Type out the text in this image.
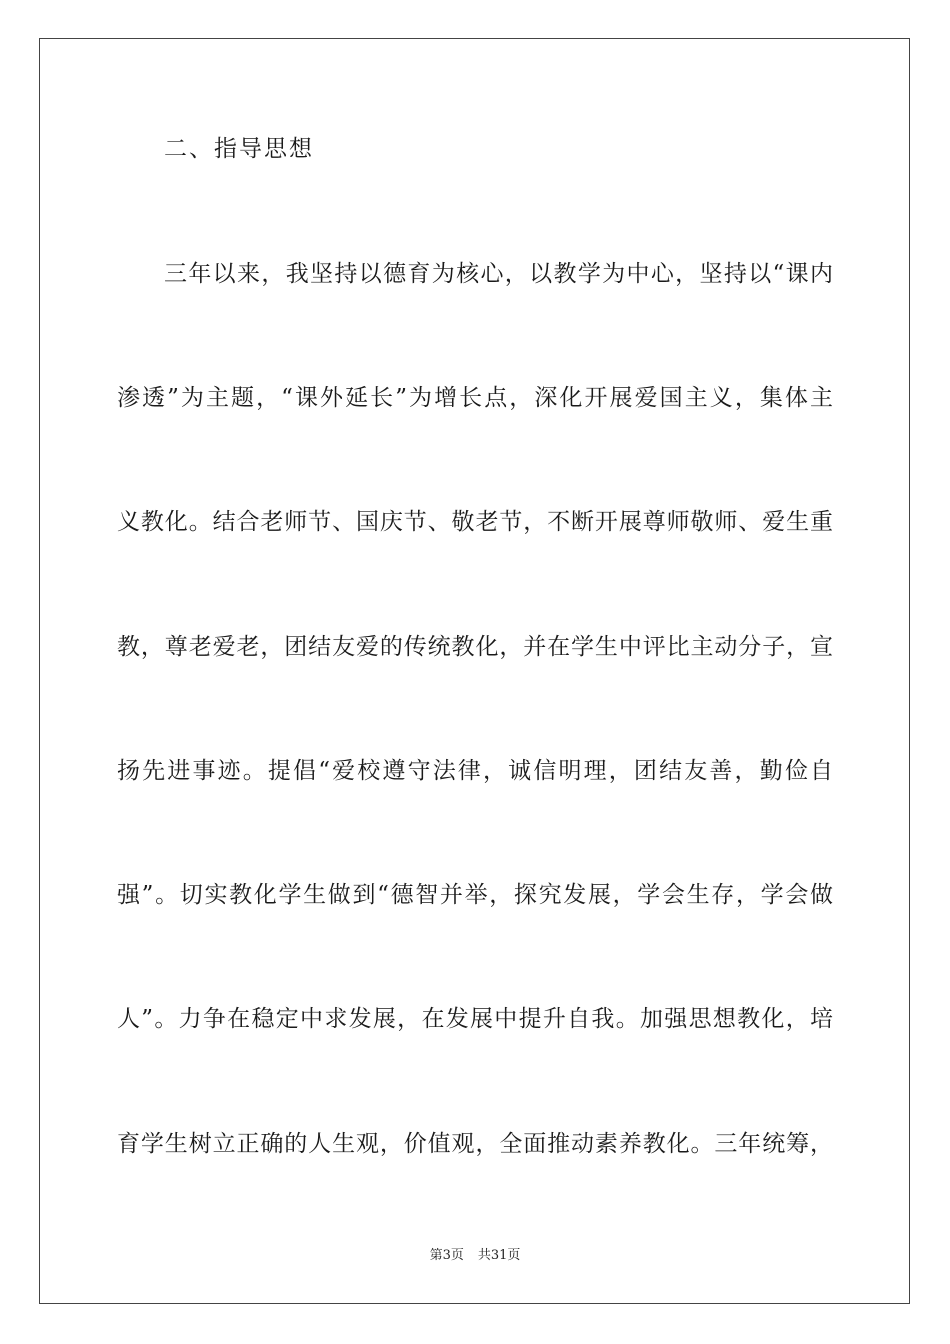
二、指导思想
三年以来，我坚持以德育为核心，以教学为中心，坚持以“课内
渗透”为主题，“课外延长”为增长点，深化开展爱国主义，集体主
义教化。结合老师节、国庆节、敬老节，不断开展尊师敬师、爱生重
教，尊老爱老，团结友爱的传统教化，并在学生中评比主动分子，宣
扬先进事迹。提倡“爱校遵守法律，诚信明理，团结友善，勤俭自
强”。切实教化学生做到“德智并举，探究发展，学会生存，学会做
人”。力争在稳定中求发展，在发展中提升自我。加强思想教化，培
育学生树立正确的人生观，价值观，全面推动素养教化。三年统筹，
第3页 共31页
